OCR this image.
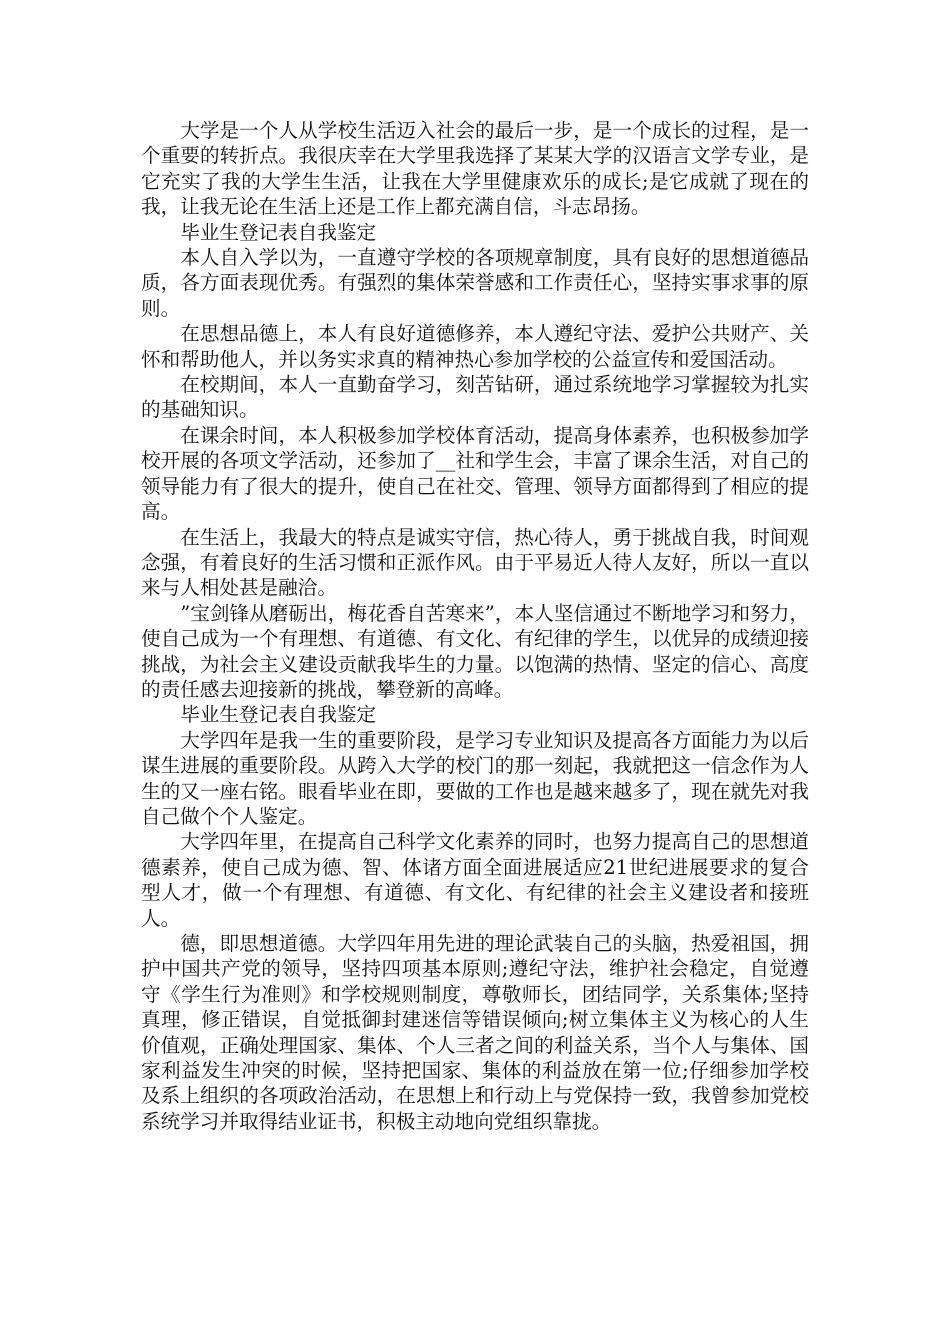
大学是一个人从学校生活迈入社会的最后一步，是一个成长的过程，是一个重要的转折点。我很庆幸在大学里我选择了某某大学的汉语言文学专业，是它充实了我的大学生生活，让我在大学里健康欢乐的成长;是它成就了现在的我，让我无论在生活上还是工作上都充满自信，斗志昂扬。

毕业生登记表自我鉴定

本人自入学以为，一直遵守学校的各项规章制度，具有良好的思想道德品质，各方面表现优秀。有强烈的集体荣誉感和工作责任心，坚持实事求事的原则。

在思想品德上，本人有良好道德修养，本人遵纪守法、爱护公共财产、关怀和帮助他人，并以务实求真的精神热心参加学校的公益宣传和爱国活动。

在校期间，本人一直勤奋学习，刻苦钻研，通过系统地学习掌握较为扎实的基础知识。

在课余时间，本人积极参加学校体育活动，提高身体素养，也积极参加学校开展的各项文学活动，还参加了__社和学生会，丰富了课余生活，对自己的领导能力有了很大的提升，使自己在社交、管理、领导方面都得到了相应的提高。

在生活上，我最大的特点是诚实守信，热心待人，勇于挑战自我，时间观念强，有着良好的生活习惯和正派作风。由于平易近人待人友好，所以一直以来与人相处甚是融洽。

”宝剑锋从磨砺出，梅花香自苦寒来”，本人坚信通过不断地学习和努力，使自己成为一个有理想、有道德、有文化、有纪律的学生，以优异的成绩迎接挑战，为社会主义建设贡献我毕生的力量。以饱满的热情、坚定的信心、高度的责任感去迎接新的挑战，攀登新的高峰。

毕业生登记表自我鉴定

大学四年是我一生的重要阶段，是学习专业知识及提高各方面能力为以后谋生进展的重要阶段。从跨入大学的校门的那一刻起，我就把这一信念作为人生的又一座右铭。眼看毕业在即，要做的工作也是越来越多了，现在就先对我自己做个个人鉴定。

大学四年里，在提高自己科学文化素养的同时，也努力提高自己的思想道德素养，使自己成为德、智、体诸方面全面进展适应21世纪进展要求的复合型人才，做一个有理想、有道德、有文化、有纪律的社会主义建设者和接班人。

德，即思想道德。大学四年用先进的理论武装自己的头脑，热爱祖国，拥护中国共产党的领导，坚持四项基本原则;遵纪守法，维护社会稳定，自觉遵守《学生行为准则》和学校规则制度，尊敬师长，团结同学，关系集体;坚持真理，修正错误，自觉抵御封建迷信等错误倾向;树立集体主义为核心的人生价值观，正确处理国家、集体、个人三者之间的利益关系，当个人与集体、国家利益发生冲突的时候，坚持把国家、集体的利益放在第一位;仔细参加学校及系上组织的各项政治活动，在思想上和行动上与党保持一致，我曾参加党校系统学习并取得结业证书，积极主动地向党组织靠拢。
